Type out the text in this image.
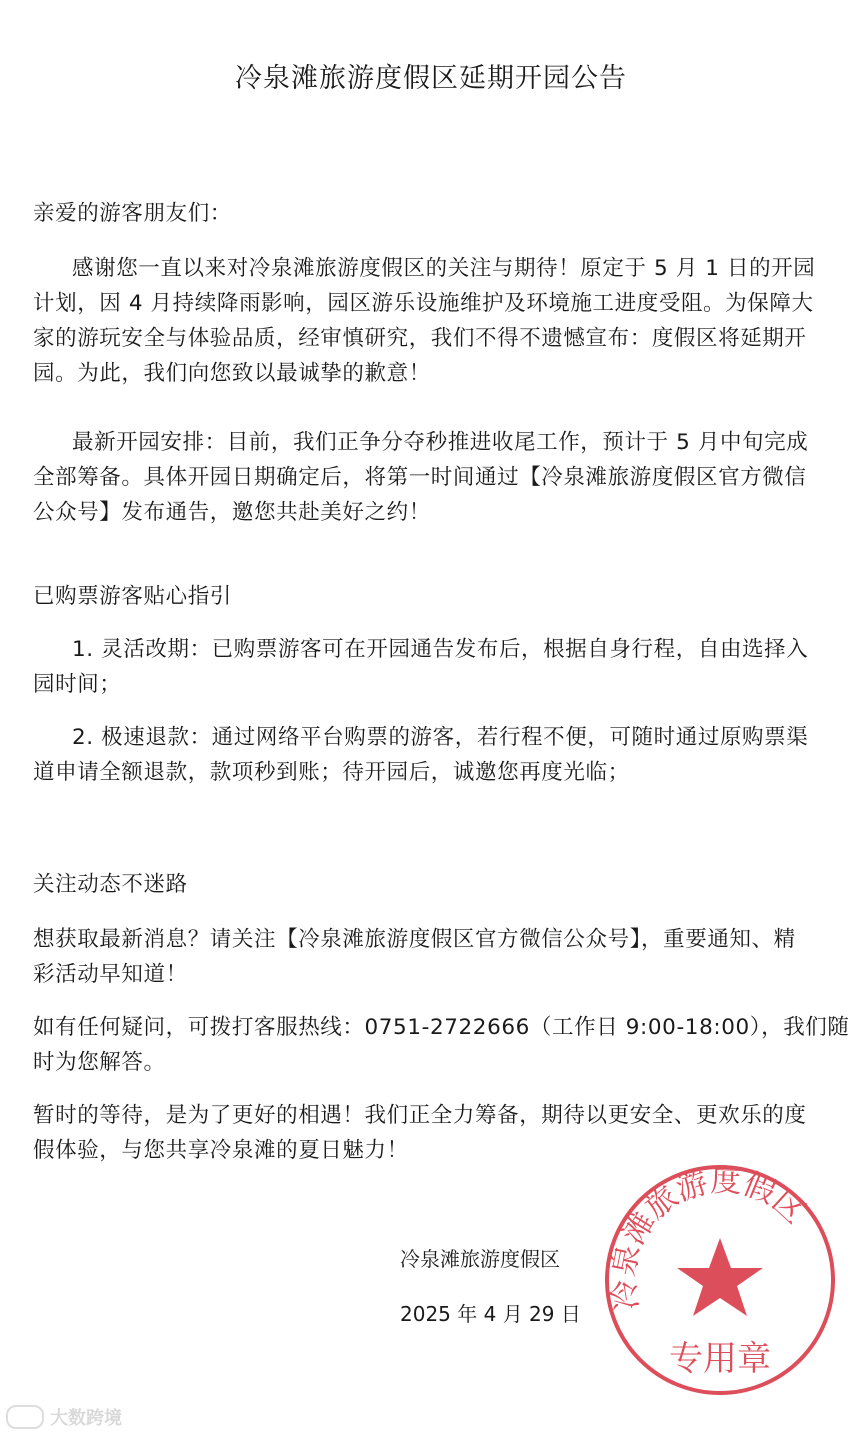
冷泉滩旅游度假区延期开园公告
亲爱的游客朋友们：
感谢您一直以来对冷泉滩旅游度假区的关注与期待！原定于 5 月 1 日的开园
计划，因 4 月持续降雨影响，园区游乐设施维护及环境施工进度受阻。为保障大
家的游玩安全与体验品质，经审慎研究，我们不得不遗憾宣布：度假区将延期开
园。为此，我们向您致以最诚挚的歉意！
最新开园安排：目前，我们正争分夺秒推进收尾工作，预计于 5 月中旬完成
全部筹备。具体开园日期确定后，将第一时间通过【冷泉滩旅游度假区官方微信
公众号】发布通告，邀您共赴美好之约！
已购票游客贴心指引
1. 灵活改期：已购票游客可在开园通告发布后，根据自身行程，自由选择入
园时间；
2. 极速退款：通过网络平台购票的游客，若行程不便，可随时通过原购票渠
道申请全额退款，款项秒到账；待开园后，诚邀您再度光临；
关注动态不迷路
想获取最新消息？请关注【冷泉滩旅游度假区官方微信公众号】，重要通知、精
彩活动早知道！
如有任何疑问，可拨打客服热线：0751-2722666（工作日 9:00-18:00），我们随
时为您解答。
暂时的等待，是为了更好的相遇！我们正全力筹备，期待以更安全、更欢乐的度
假体验，与您共享冷泉滩的夏日魅力！
冷泉滩旅游度假区
专用章
冷泉滩旅游度假区
2025 年 4 月 29 日
大数跨境
